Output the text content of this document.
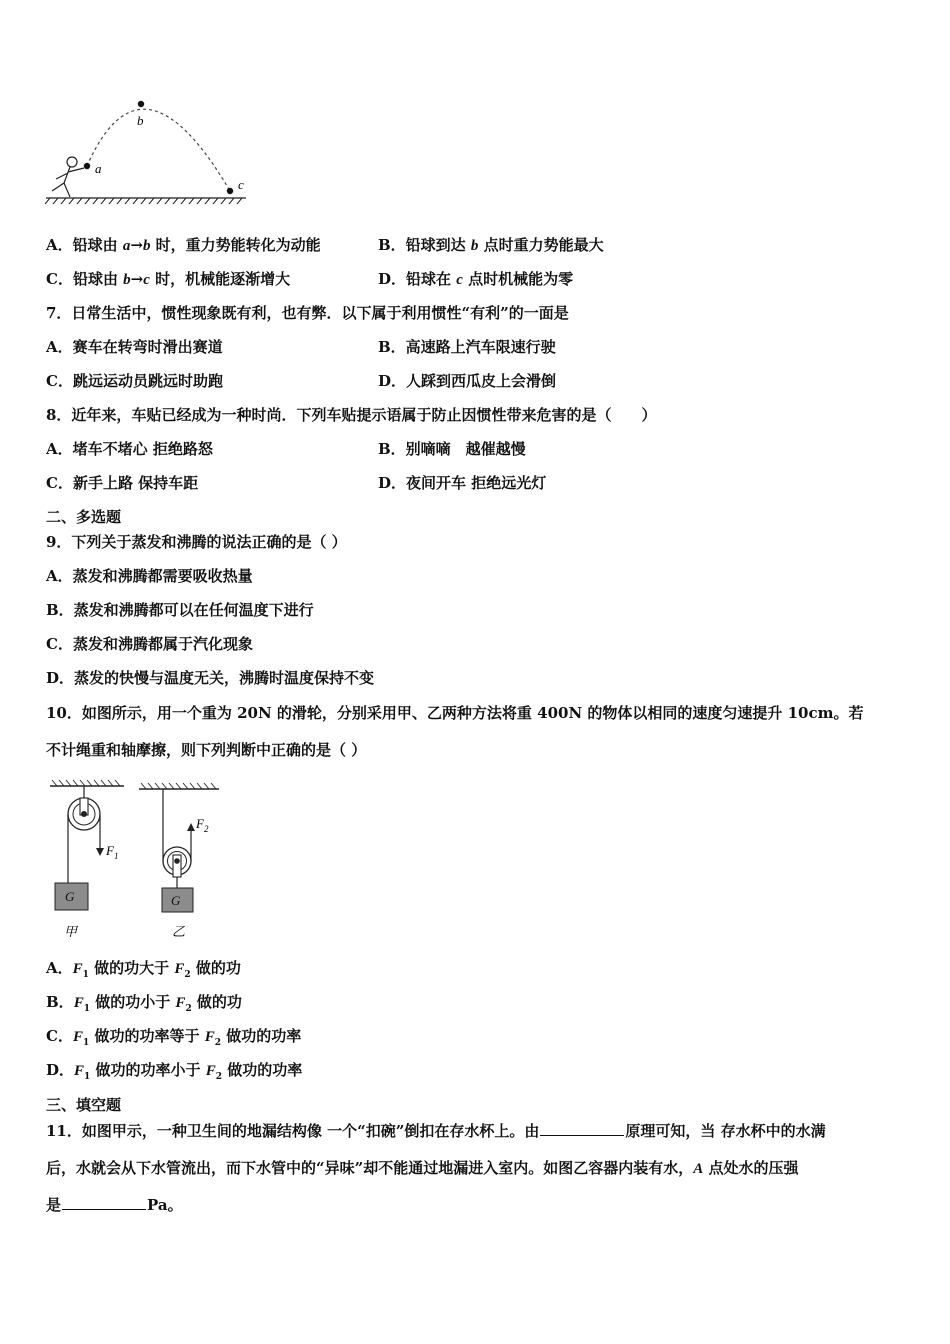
a
b
c
A．铅球由 a→b 时，重力势能转化为动能	B．铅球到达 b 点时重力势能最大
C．铅球由 b→c 时，机械能逐渐增大	D．铅球在 c 点时机械能为零
7．日常生活中，惯性现象既有利，也有弊．以下属于利用惯性“有利”的一面是
A．赛车在转弯时滑出赛道	B．高速路上汽车限速行驶
C．跳远运动员跳远时助跑	D．人踩到西瓜皮上会滑倒
8．近年来，车贴已经成为一种时尚．下列车贴提示语属于防止因惯性带来危害的是（　　）
A．堵车不堵心 拒绝路怒	B．别嘀嘀　越催越慢
C．新手上路 保持车距	D．夜间开车 拒绝远光灯
二、多选题
9．下列关于蒸发和沸腾的说法正确的是（ ）
A．蒸发和沸腾都需要吸收热量
B．蒸发和沸腾都可以在任何温度下进行
C．蒸发和沸腾都属于汽化现象
D．蒸发的快慢与温度无关，沸腾时温度保持不变
10．如图所示，用一个重为 20N 的滑轮，分别采用甲、乙两种方法将重 400N 的物体以相同的速度匀速提升 10cm。若
不计绳重和轴摩擦，则下列判断中正确的是（ ）
$F_1$
G
甲
$F_2$
G
乙
A．$F_1$ 做的功大于 $F_2$ 做的功
B．$F_1$ 做的功小于 $F_2$ 做的功
C．$F_1$ 做功的功率等于 $F_2$ 做功的功率
D．$F_1$ 做功的功率小于 $F_2$ 做功的功率
三、填空题
11．如图甲示，一种卫生间的地漏结构像 一个“扣碗”倒扣在存水杯上。由	原理可知，当 存水杯中的水满
后，水就会从下水管流出，而下水管中的“异味”却不能通过地漏进入室内。如图乙容器内装有水，A 点处水的压强
是	Pa。
